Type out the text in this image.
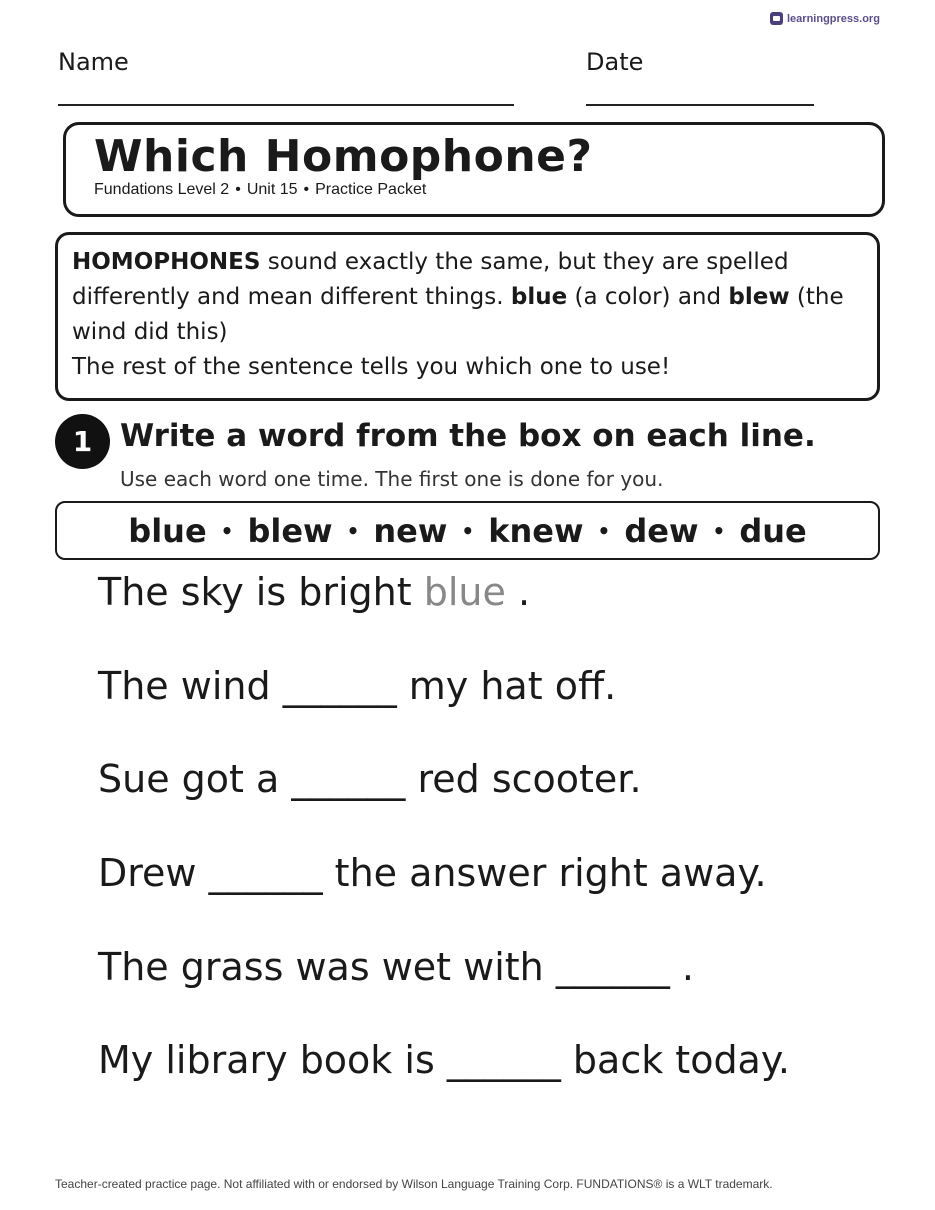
learningpress.org
Name	Date
Which Homophone?
Fundations Level 2 • Unit 15 • Practice Packet

HOMOPHONES sound exactly the same, but they are spelled differently and mean different things. blue (a color) and blew (the wind did this)

The rest of the sentence tells you which one to use!

1 Write a word from the box on each line.
Use each word one time. The first one is done for you.
blue • blew • new • knew • dew • due
The sky is bright blue .
The wind ______ my hat off.
Sue got a ______ red scooter.
Drew ______ the answer right away.
The grass was wet with ______ .
My library book is ______ back today.
Teacher-created practice page. Not affiliated with or endorsed by Wilson Language Training Corp. FUNDATIONS® is a WLT trademark.
